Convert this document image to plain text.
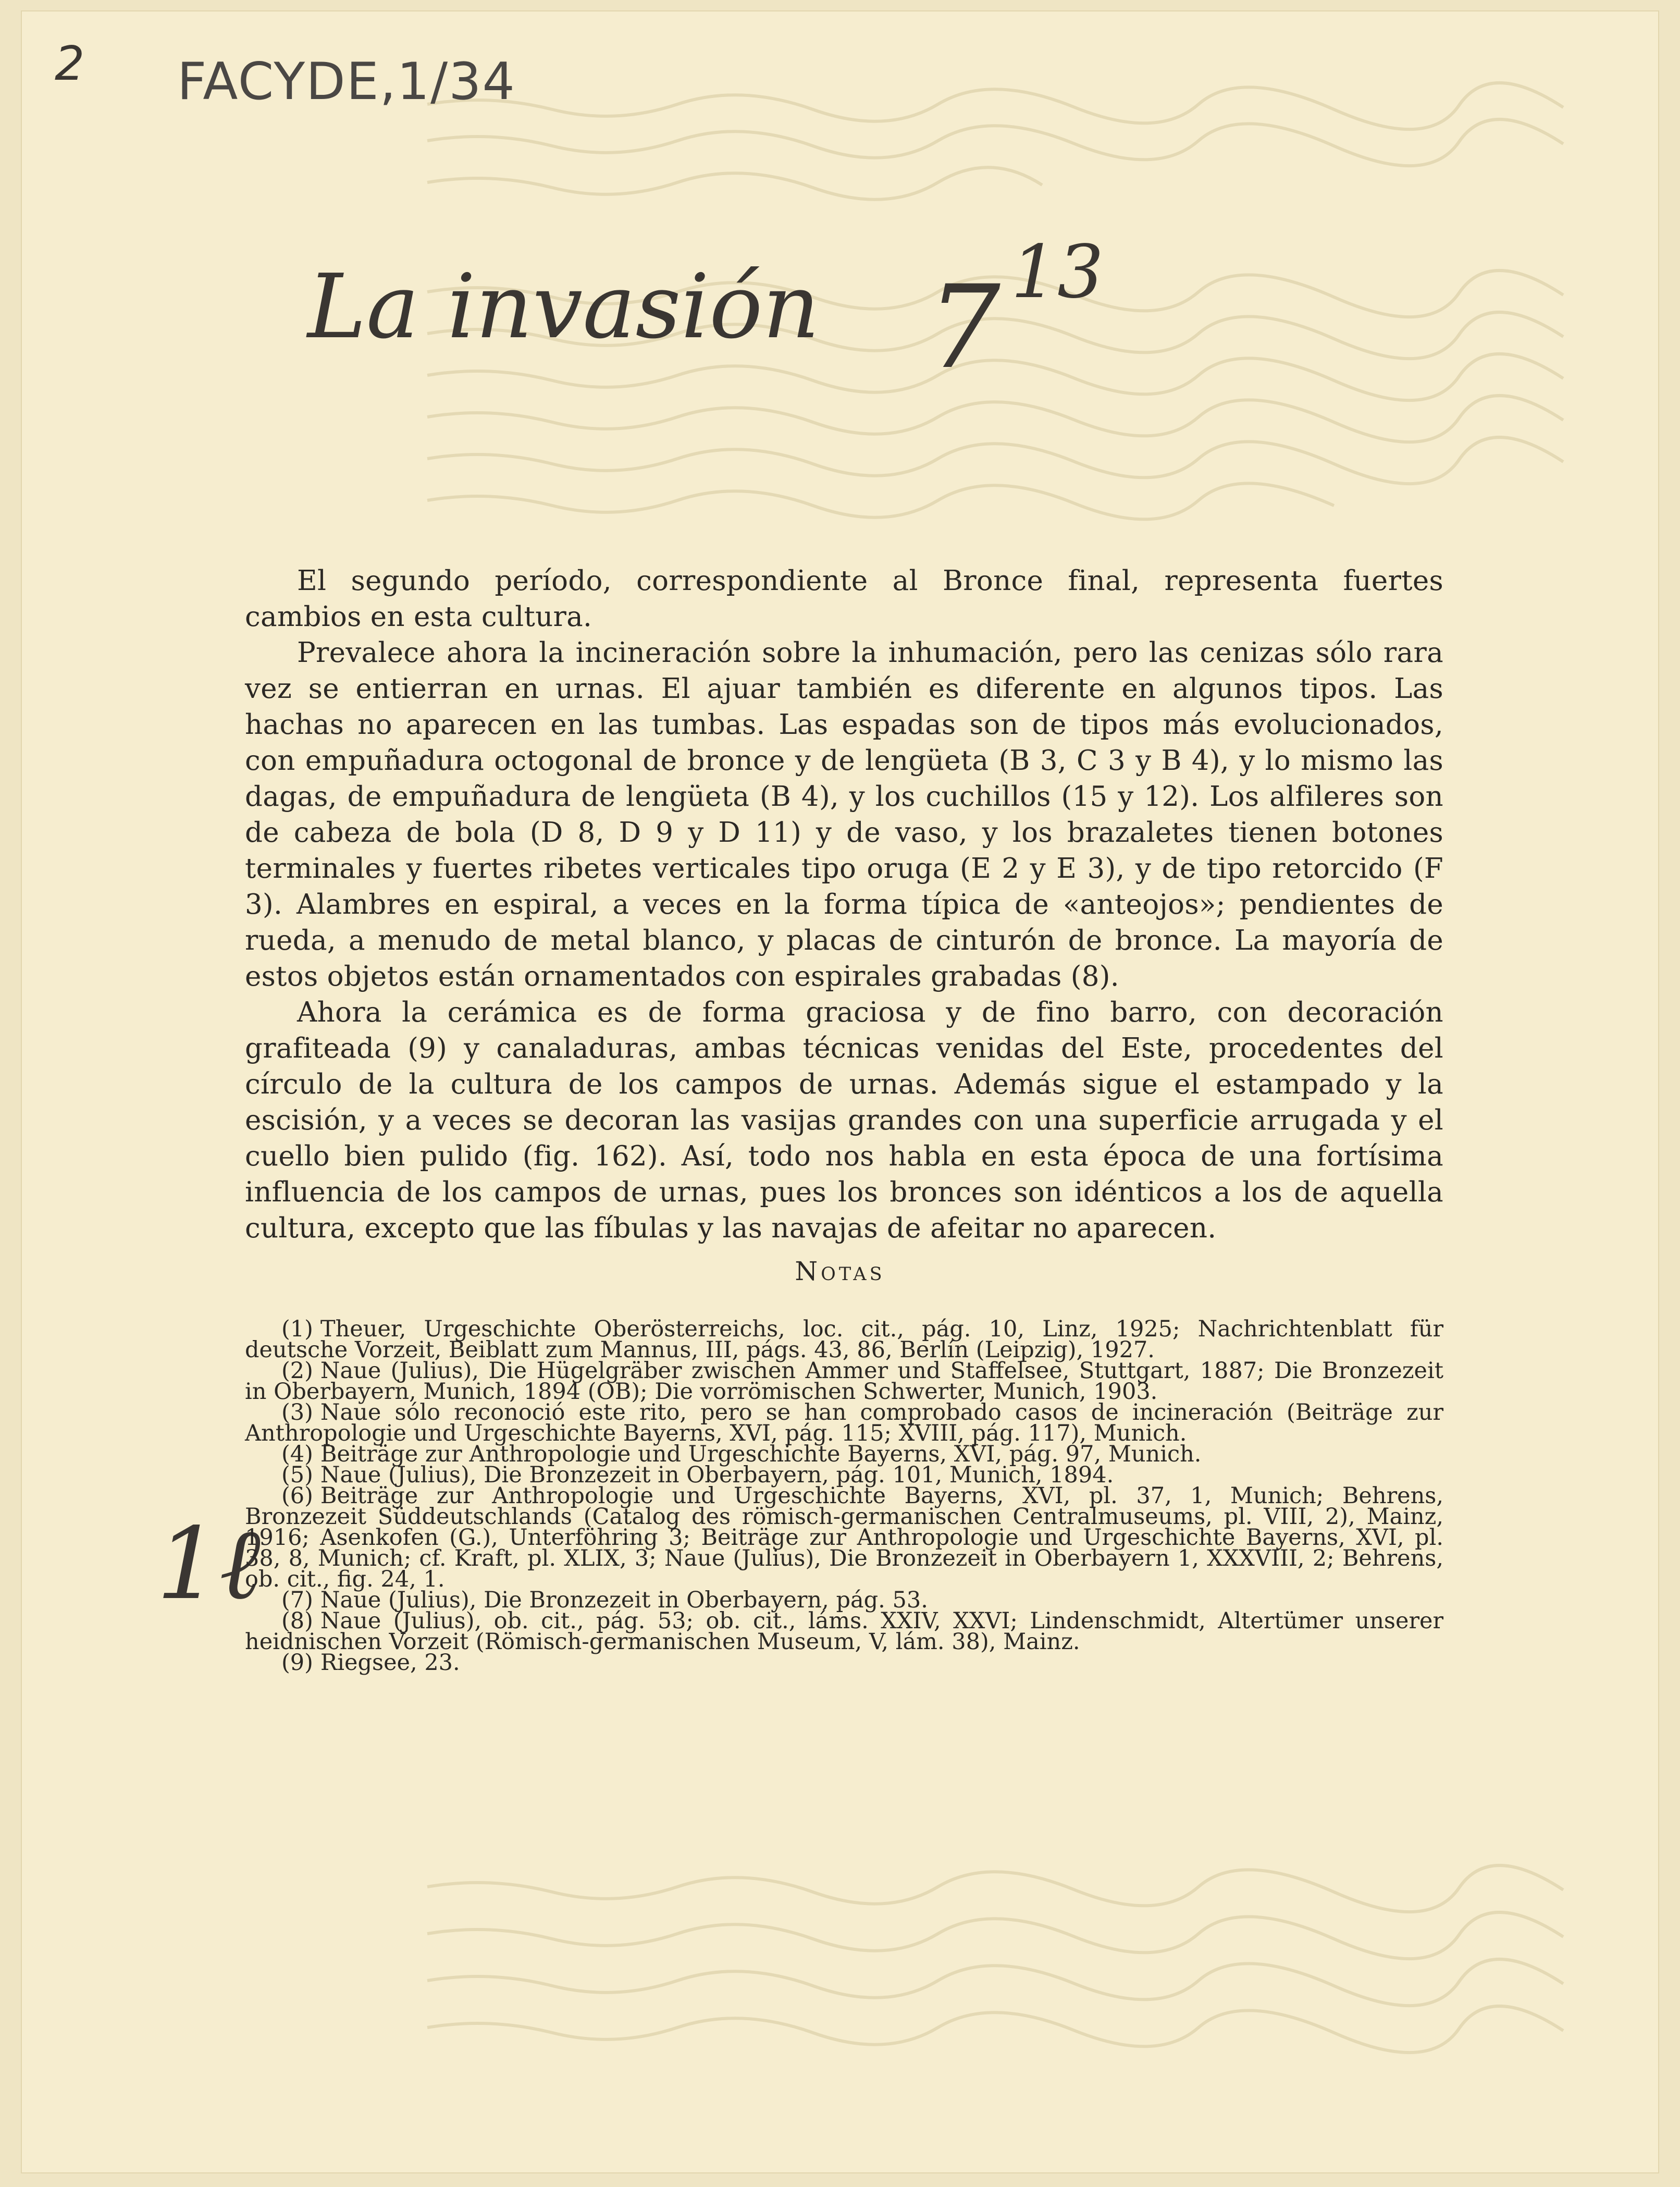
2 FACYDE,1/34
La invasión 7 $^{13}$
1ℓ

El segundo período, correspondiente al Bronce final, representa fuertes cambios en esta cultura.

Prevalece ahora la incineración sobre la inhumación, pero las cenizas sólo rara vez se entierran en urnas. El ajuar también es diferente en algunos tipos. Las hachas no aparecen en las tumbas. Las espadas son de tipos más evolucionados, con empuñadura octogonal de bronce y de lengüeta (B 3, C 3 y B 4), y lo mismo las dagas, de empuñadura de lengüeta (B 4), y los cuchillos (15 y 12). Los alfileres son de cabeza de bola (D 8, D 9 y D 11) y de vaso, y los brazaletes tienen botones terminales y fuertes ribetes verticales tipo oruga (E 2 y E 3), y de tipo retorcido (F 3). Alambres en espiral, a veces en la forma típica de «anteojos»; pendientes de rueda, a menudo de metal blanco, y placas de cinturón de bronce. La mayoría de estos objetos están ornamentados con espirales grabadas (8).

Ahora la cerámica es de forma graciosa y de fino barro, con decoración grafiteada (9) y canaladuras, ambas técnicas venidas del Este, procedentes del círculo de la cultura de los campos de urnas. Además sigue el estampado y la escisión, y a veces se decoran las vasijas grandes con una superficie arrugada y el cuello bien pulido (fig. 162). Así, todo nos habla en esta época de una fortísima influencia de los campos de urnas, pues los bronces son idénticos a los de aquella cultura, excepto que las fíbulas y las navajas de afeitar no aparecen.

Notas

(1) Theuer, Urgeschichte Oberösterreichs, loc. cit., pág. 10, Linz, 1925; Nachrichtenblatt für deutsche Vorzeit, Beiblatt zum Mannus, III, págs. 43, 86, Berlín (Leipzig), 1927.

(2) Naue (Julius), Die Hügelgräber zwischen Ammer und Staffelsee, Stuttgart, 1887; Die Bronzezeit in Oberbayern, Munich, 1894 (OB); Die vorrömischen Schwerter, Munich, 1903.

(3) Naue sólo reconoció este rito, pero se han comprobado casos de incineración (Beiträge zur Anthropologie und Urgeschichte Bayerns, XVI, pág. 115; XVIII, pág. 117), Munich.

(4) Beiträge zur Anthropologie und Urgeschichte Bayerns, XVI, pág. 97, Munich.

(5) Naue (Julius), Die Bronzezeit in Oberbayern, pág. 101, Munich, 1894.

(6) Beiträge zur Anthropologie und Urgeschichte Bayerns, XVI, pl. 37, 1, Munich; Behrens, Bronzezeit Süddeutschlands (Catalog des römisch-germanischen Centralmuseums, pl. VIII, 2), Mainz, 1916; Asenkofen (G.), Unterföhring 3; Beiträge zur Anthropologie und Urgeschichte Bayerns, XVI, pl. 38, 8, Munich; cf. Kraft, pl. XLIX, 3; Naue (Julius), Die Bronzezeit in Oberbayern 1, XXXVIII, 2; Behrens, ob. cit., fig. 24, 1.

(7) Naue (Julius), Die Bronzezeit in Oberbayern, pág. 53.

(8) Naue (Julius), ob. cit., pág. 53; ob. cit., láms. XXIV, XXVI; Lindenschmidt, Altertümer unserer heidnischen Vorzeit (Römisch-germanischen Museum, V, lám. 38), Mainz.

(9) Riegsee, 23.
